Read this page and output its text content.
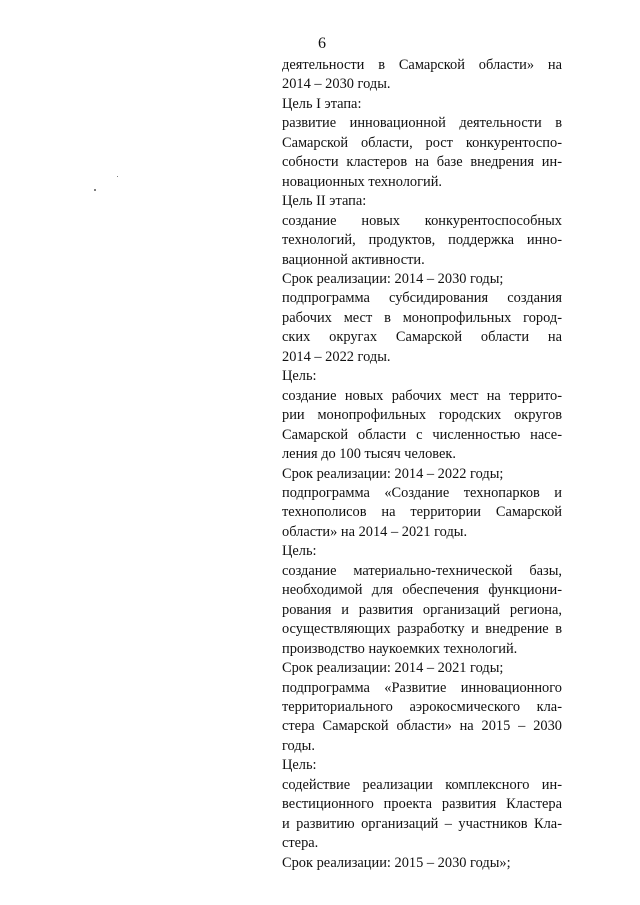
6
деятельности в Самарской области» на
2014 – 2030 годы.
Цель I этапа:
развитие инновационной деятельности в
Самарской области, рост конкурентоспо-
собности кластеров на базе внедрения ин-
новационных технологий.
Цель II этапа:
создание новых конкурентоспособных
технологий, продуктов, поддержка инно-
вационной активности.
Срок реализации: 2014 – 2030 годы;
подпрограмма субсидирования создания
рабочих мест в монопрофильных город-
ских округах Самарской области на
2014 – 2022 годы.
Цель:
создание новых рабочих мест на террито-
рии монопрофильных городских округов
Самарской области с численностью насе-
ления до 100 тысяч человек.
Срок реализации: 2014 – 2022 годы;
подпрограмма «Создание технопарков и
технополисов на территории Самарской
области» на 2014 – 2021 годы.
Цель:
создание материально-технической базы,
необходимой для обеспечения функциони-
рования и развития организаций региона,
осуществляющих разработку и внедрение в
производство наукоемких технологий.
Срок реализации: 2014 – 2021 годы;
подпрограмма «Развитие инновационного
территориального аэрокосмического кла-
стера Самарской области» на 2015 – 2030
годы.
Цель:
содействие реализации комплексного ин-
вестиционного проекта развития Кластера
и развитию организаций – участников Кла-
стера.
Срок реализации: 2015 – 2030 годы»;
